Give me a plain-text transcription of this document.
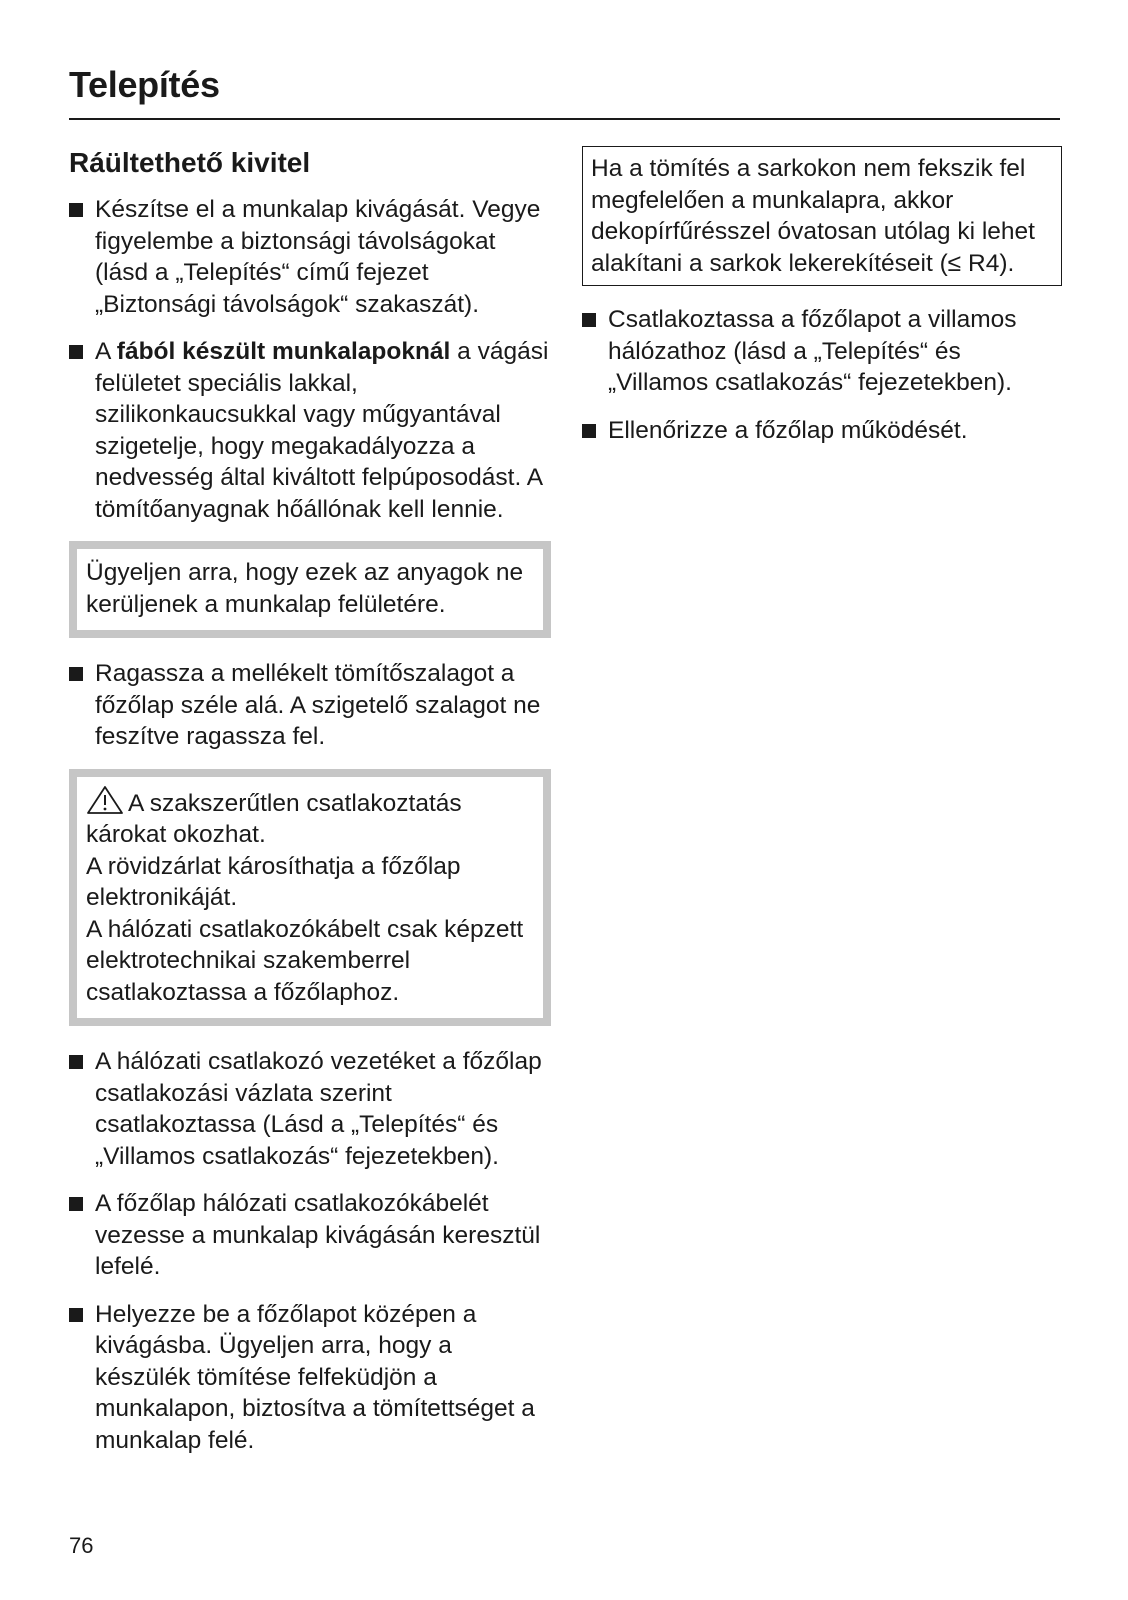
Telepítés
Ráültethető kivitel
Készítse el a munkalap kivágását. Vegye figyelembe a biztonsági távolságokat (lásd a „Telepítés“ című fejezet „Biztonsági távolságok“ szakaszát).
A fából készült munkalapoknál a vágási felületet speciális lakkal, szilikonkaucsukkal vagy műgyantával szigetelje, hogy megakadályozza a nedvesség által kiváltott felpúposodást. A tömítőanyagnak hőállónak kell lennie.
Ügyeljen arra, hogy ezek az anyagok ne kerüljenek a munkalap felületére.
Ragassza a mellékelt tömítőszalagot a főzőlap széle alá. A szigetelő szalagot ne feszítve ragassza fel.

A szakszerűtlen csatlakoztatás károkat okozhat.

A rövidzárlat károsíthatja a főzőlap elektronikáját.

A hálózati csatlakozókábelt csak képzett elektrotechnikai szakemberrel csatlakoztassa a főzőlaphoz.

A hálózati csatlakozó vezetéket a főzőlap csatlakozási vázlata szerint csatlakoztassa (Lásd a „Telepítés“ és „Villamos csatlakozás“ fejezetekben).
A főzőlap hálózati csatlakozókábelét vezesse a munkalap kivágásán keresztül lefelé.
Helyezze be a főzőlapot középen a kivágásba. Ügyeljen arra, hogy a készülék tömítése felfeküdjön a munkalapon, biztosítva a tömítettséget a munkalap felé.
Ha a tömítés a sarkokon nem fekszik fel megfelelően a munkalapra, akkor dekopírfűrésszel óvatosan utólag ki lehet alakítani a sarkok lekerekítéseit (≤ R4).
Csatlakoztassa a főzőlapot a villamos hálózathoz (lásd a „Telepítés“ és „Villamos csatlakozás“ fejezetekben).
Ellenőrizze a főzőlap működését.
76
